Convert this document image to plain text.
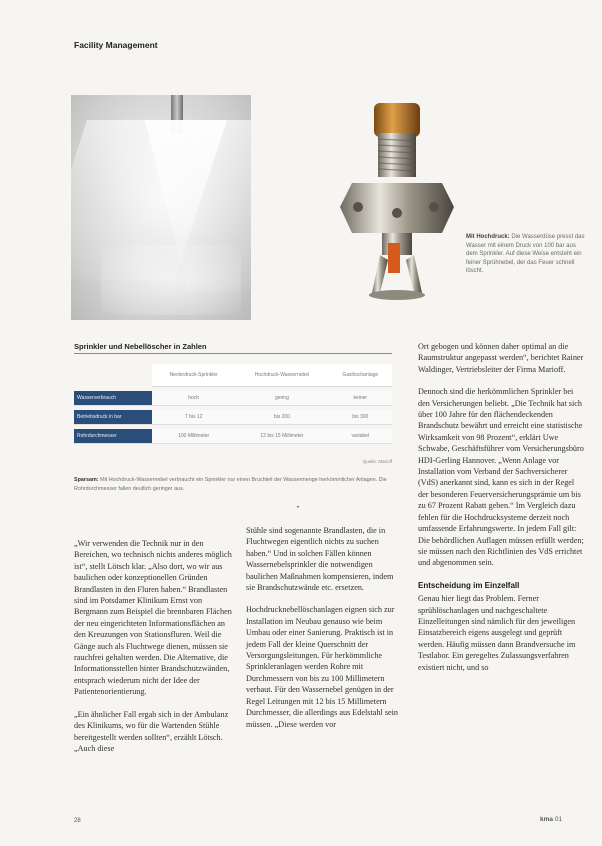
Facility Management
Mit Hochdruck: Die Wasserdüse presst das Wasser mit einem Druck von 100 bar aus dem Sprinkler. Auf diese Weise entsteht ein feiner Sprühnebel, der das Feuer schnell löscht.
Sprinkler und Nebellöscher in Zahlen
	Niederdruck-Sprinkler	Hochdruck-Wassernebel	Gaslöschanlage
Wasserverbrauch	hoch	gering	keiner
Betriebsdruck in bar	7 bis 12	bis 200	bis 300
Rohrdurchmesser	100 Millimeter	12 bis 15 Millimeter	variabel
Quelle: Marioff
Sparsam: Mit Hochdruck-Wassernebel verbraucht ein Sprinkler nur einen Bruchteil der Wassermenge herkömmlicher Anlagen. Die Rohrdurchmesser fallen deutlich geringer aus.
•

„Wir verwenden die Technik nur in den Bereichen, wo technisch nichts anderes möglich ist“, stellt Lötsch klar. „Also dort, wo wir aus baulichen oder konzeptionellen Gründen Brandlasten in den Fluren haben.“ Brandlasten sind im Potsdamer Klinikum Ernst von Bergmann zum Beispiel die brennbaren Flächen der neu eingerichteten Informationsflächen an den Kreuzungen von Stationsfluren. Weil die Gänge auch als Fluchtwege dienen, müssen sie rauchfrei gehalten werden. Die Alternative, die Informationsstellen hinter Brandschutzwänden, entsprach wiederum nicht der Idee der Patientenorientierung.

„Ein ähnlicher Fall ergab sich in der Ambulanz des Klinikums, wo für die Wartenden Stühle bereitgestellt werden sollten“, erzählt Lötsch. „Auch diese

Stühle sind sogenannte Brandlasten, die in Fluchtwegen eigentlich nichts zu suchen haben.“ Und in solchen Fällen können Wassernebelsprinkler die notwendigen baulichen Maßnahmen kompensieren, indem sie Brandschutzwände etc. ersetzen.

Hochdrucknebellöschanlagen eignen sich zur Installation im Neubau genauso wie beim Umbau oder einer Sanierung. Praktisch ist in jedem Fall der kleine Querschnitt der Versorgungsleitungen. Für herkömmliche Sprinkleranlagen werden Rohre mit Durchmessern von bis zu 100 Millimetern verbaut. Für den Wassernebel genügen in der Regel Leitungen mit 12 bis 15 Millimetern Durchmesser, die allerdings aus Edelstahl sein müssen. „Diese werden vor

Ort gebogen und können daher optimal an die Raumstruktur angepasst werden“, berichtet Rainer Waldinger, Vertriebsleiter der Firma Marioff.

Dennoch sind die herkömmlichen Sprinkler bei den Versicherungen beliebt. „Die Technik hat sich über 100 Jahre für den flächendeckenden Brandschutz bewährt und erreicht eine statistische Wirksamkeit von 98 Prozent“, erklärt Uwe Schwabe, Geschäftsführer vom Versicherungsbüro HDI-Gerling Hannover. „Wenn Anlage vor Installation vom Verband der Sachversicherer (VdS) anerkannt sind, kann es sich in der Regel der besonderen Feuerversicherungsprämie um bis zu 67 Prozent Rabatt geben.“ Im Vergleich dazu fehlen für die Hochdrucksysteme derzeit noch umfassende Erfahrungswerte. In jedem Fall gilt: Die behördlichen Auflagen müssen erfüllt werden; sie müssen nach den Richtlinien des VdS errichtet und abgenommen sein.

Entscheidung im Einzelfall

Genau hier liegt das Problem. Ferner sprühlöschanlagen und nachgeschaltete Einzelleitungen sind nämlich für den jeweiligen Einsatzbereich eigens ausgelegt und geprüft werden. Häufig müssen dann Brandversuche im Testlabor. Ein geregeltes Zulassungsverfahren existiert nicht, und so

28	kma 01
